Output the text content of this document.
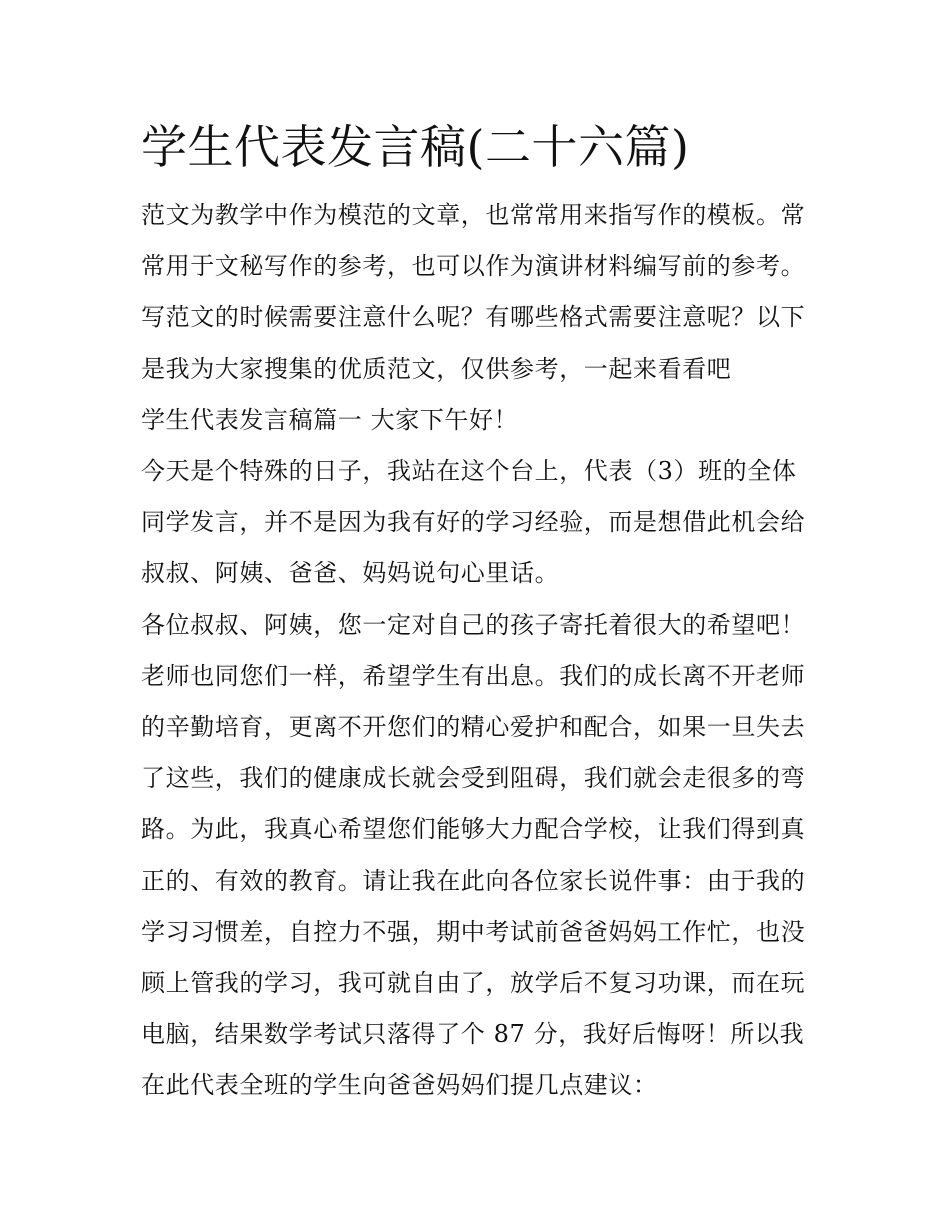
学生代表发言稿(二十六篇)
范文为教学中作为模范的文章，也常常用来指写作的模板。常
常用于文秘写作的参考，也可以作为演讲材料编写前的参考。
写范文的时候需要注意什么呢？有哪些格式需要注意呢？以下
是我为大家搜集的优质范文，仅供参考，一起来看看吧
学生代表发言稿篇一 大家下午好！
今天是个特殊的日子，我站在这个台上，代表（3）班的全体
同学发言，并不是因为我有好的学习经验，而是想借此机会给
叔叔、阿姨、爸爸、妈妈说句心里话。
各位叔叔、阿姨，您一定对自己的孩子寄托着很大的希望吧！
老师也同您们一样，希望学生有出息。我们的成长离不开老师
的辛勤培育，更离不开您们的精心爱护和配合，如果一旦失去
了这些，我们的健康成长就会受到阻碍，我们就会走很多的弯
路。为此，我真心希望您们能够大力配合学校，让我们得到真
正的、有效的教育。请让我在此向各位家长说件事：由于我的
学习习惯差，自控力不强，期中考试前爸爸妈妈工作忙，也没
顾上管我的学习，我可就自由了，放学后不复习功课，而在玩
电脑，结果数学考试只落得了个 87 分，我好后悔呀！所以我
在此代表全班的学生向爸爸妈妈们提几点建议：
